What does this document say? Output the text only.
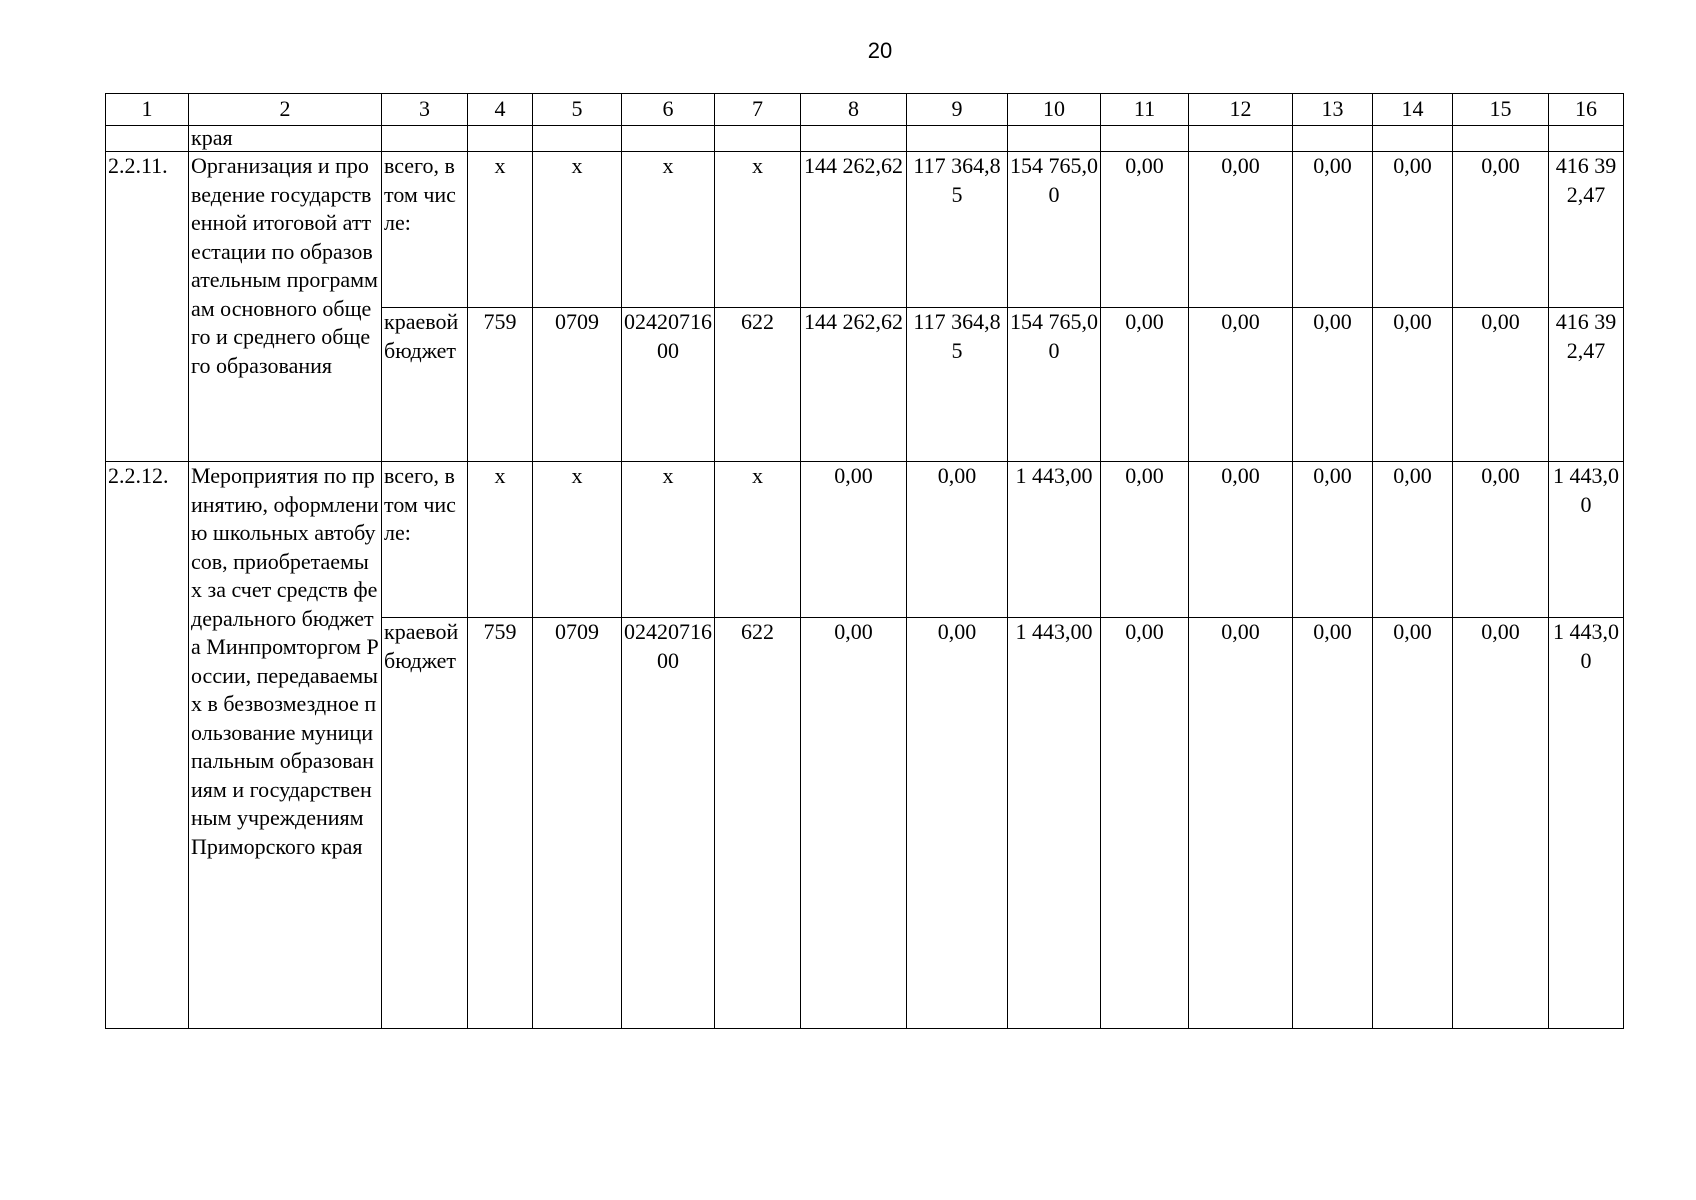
20
1	2	3	4	5	6	7	8	9	10	11	12	13	14	15	16
	края														
2.2.11.	Организация и проведение государственной итоговой аттестации по образовательным программам основного общего и среднего общего образования	всего, в том числе:	x	x	x	x	144 262,62	117 364,85	154 765,00	0,00	0,00	0,00	0,00	0,00	416 392,47
		краевой бюджет	759	0709	0242071600	622	144 262,62	117 364,85	154 765,00	0,00	0,00	0,00	0,00	0,00	416 392,47
2.2.12.	Мероприятия по принятию, оформлению школьных автобусов, приобретаемых за счет средств федерального бюджета Минпромторгом России, передаваемых в безвозмездное пользование муниципальным образованиям и государственным учреждениям Приморского края	всего, в том числе:	x	x	x	x	0,00	0,00	1 443,00	0,00	0,00	0,00	0,00	0,00	1 443,00
		краевой бюджет	759	0709	0242071600	622	0,00	0,00	1 443,00	0,00	0,00	0,00	0,00	0,00	1 443,00
